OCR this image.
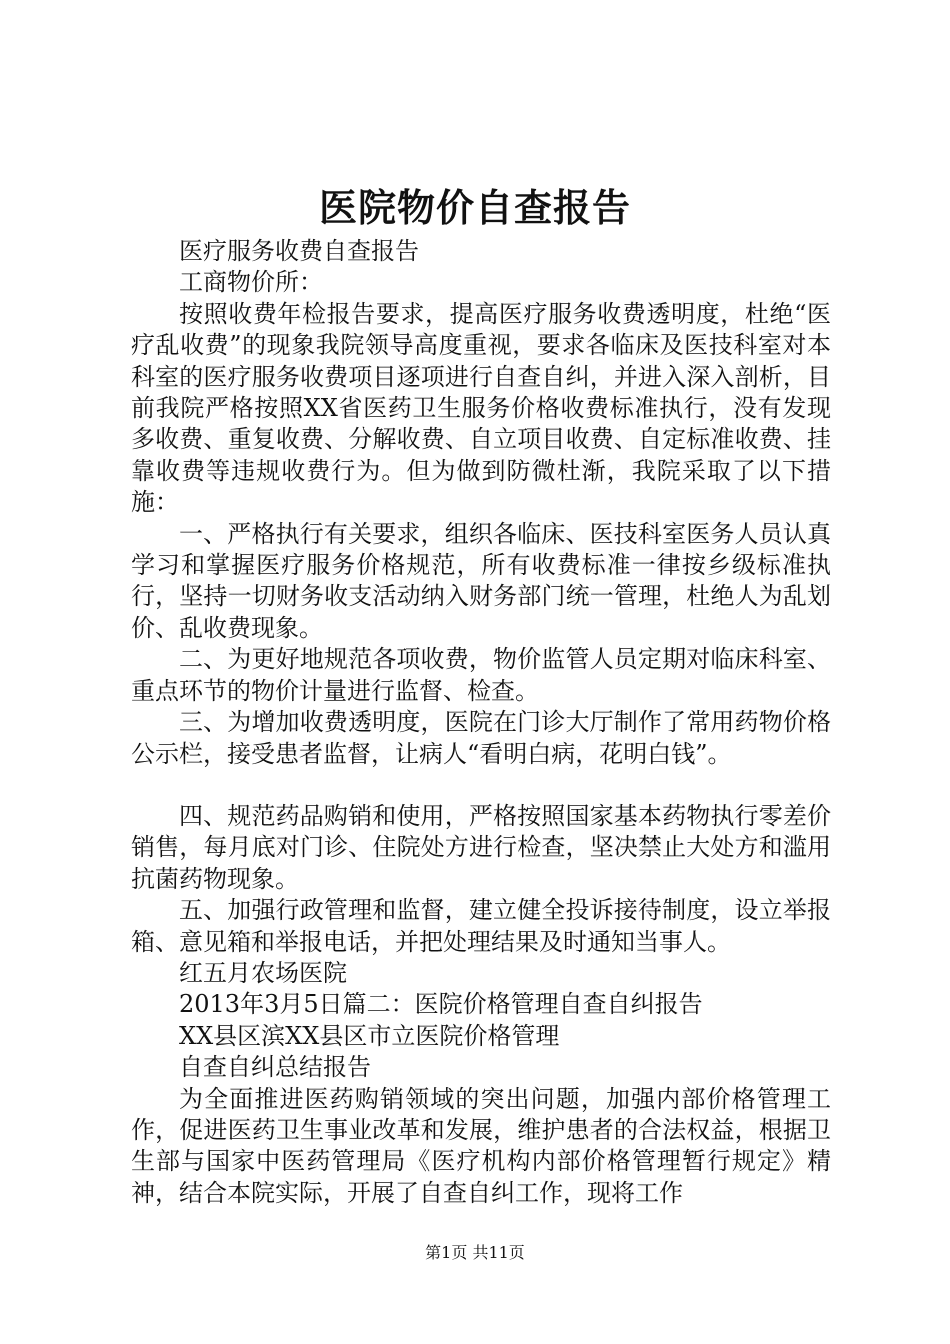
医院物价自查报告

医疗服务收费自查报告

工商物价所：

按照收费年检报告要求，提高医疗服务收费透明度，杜绝“医疗乱收费”的现象我院领导高度重视，要求各临床及医技科室对本科室的医疗服务收费项目逐项进行自查自纠，并进入深入剖析，目前我院严格按照XX省医药卫生服务价格收费标准执行，没有发现多收费、重复收费、分解收费、自立项目收费、自定标准收费、挂靠收费等违规收费行为。但为做到防微杜渐，我院采取了以下措施：

一、严格执行有关要求，组织各临床、医技科室医务人员认真学习和掌握医疗服务价格规范，所有收费标准一律按乡级标准执行，坚持一切财务收支活动纳入财务部门统一管理，杜绝人为乱划价、乱收费现象。

二、为更好地规范各项收费，物价监管人员定期对临床科室、重点环节的物价计量进行监督、检查。

三、为增加收费透明度，医院在门诊大厅制作了常用药物价格公示栏，接受患者监督，让病人“看明白病，花明白钱”。

四、规范药品购销和使用，严格按照国家基本药物执行零差价销售，每月底对门诊、住院处方进行检查，坚决禁止大处方和滥用抗菌药物现象。

五、加强行政管理和监督，建立健全投诉接待制度，设立举报箱、意见箱和举报电话，并把处理结果及时通知当事人。

红五月农场医院

2013年3月5日篇二：医院价格管理自查自纠报告

XX县区滨XX县区市立医院价格管理

自查自纠总结报告

为全面推进医药购销领域的突出问题，加强内部价格管理工作，促进医药卫生事业改革和发展，维护患者的合法权益，根据卫生部与国家中医药管理局《医疗机构内部价格管理暂行规定》精神，结合本院实际，开展了自查自纠工作，现将工作

第1页 共11页
